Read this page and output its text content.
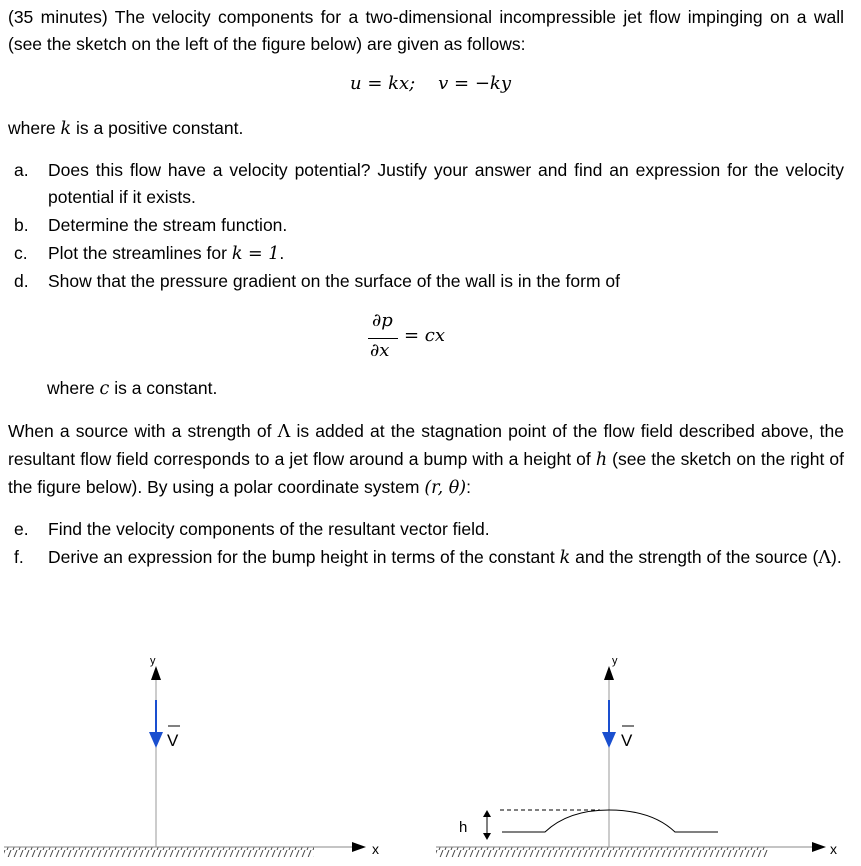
(35 minutes) The velocity components for a two-dimensional incompressible jet flow impinging on a wall (see the sketch on the left of the figure below) are given as follows:

u = kx; v = −ky

where k is a positive constant.

a. Does this flow have a velocity potential? Justify your answer and find an expression for the velocity potential if it exists.
b. Determine the stream function.
c. Plot the streamlines for k = 1.
d. Show that the pressure gradient on the surface of the wall is in the form of
∂p
∂x
= cx

where c is a constant.

When a source with a strength of Λ is added at the stagnation point of the flow field described above, the resultant flow field corresponds to a jet flow around a bump with a height of h (see the sketch on the right of the figure below). By using a polar coordinate system (r, θ):

e. Find the velocity components of the resultant vector field.
f. Derive an expression for the bump height in terms of the constant k and the strength of the source (Λ).
x
y
V
x
y
V
h
